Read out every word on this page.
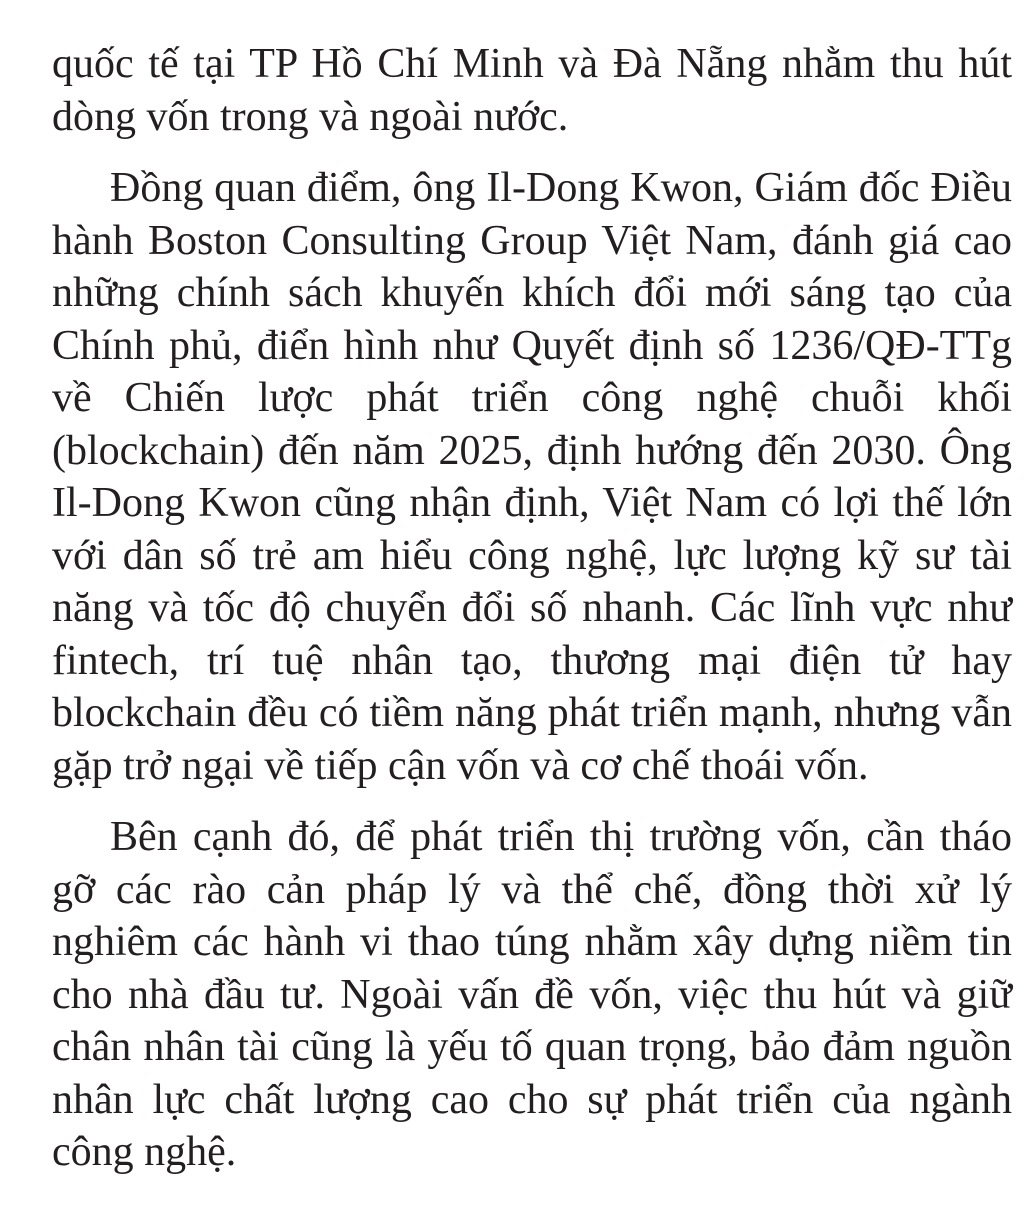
quốc tế tại TP Hồ Chí Minh và Đà Nẵng nhằm thu hút dòng vốn trong và ngoài nước.

Đồng quan điểm, ông Il-Dong Kwon, Giám đốc Điều hành Boston Consulting Group Việt Nam, đánh giá cao những chính sách khuyến khích đổi mới sáng tạo của Chính phủ, điển hình như Quyết định số 1236/QĐ-TTg về Chiến lược phát triển công nghệ chuỗi khối (blockchain) đến năm 2025, định hướng đến 2030. Ông Il-Dong Kwon cũng nhận định, Việt Nam có lợi thế lớn với dân số trẻ am hiểu công nghệ, lực lượng kỹ sư tài năng và tốc độ chuyển đổi số nhanh. Các lĩnh vực như fintech, trí tuệ nhân tạo, thương mại điện tử hay blockchain đều có tiềm năng phát triển mạnh, nhưng vẫn gặp trở ngại về tiếp cận vốn và cơ chế thoái vốn.

Bên cạnh đó, để phát triển thị trường vốn, cần tháo gỡ các rào cản pháp lý và thể chế, đồng thời xử lý nghiêm các hành vi thao túng nhằm xây dựng niềm tin cho nhà đầu tư. Ngoài vấn đề vốn, việc thu hút và giữ chân nhân tài cũng là yếu tố quan trọng, bảo đảm nguồn nhân lực chất lượng cao cho sự phát triển của ngành công nghệ.
